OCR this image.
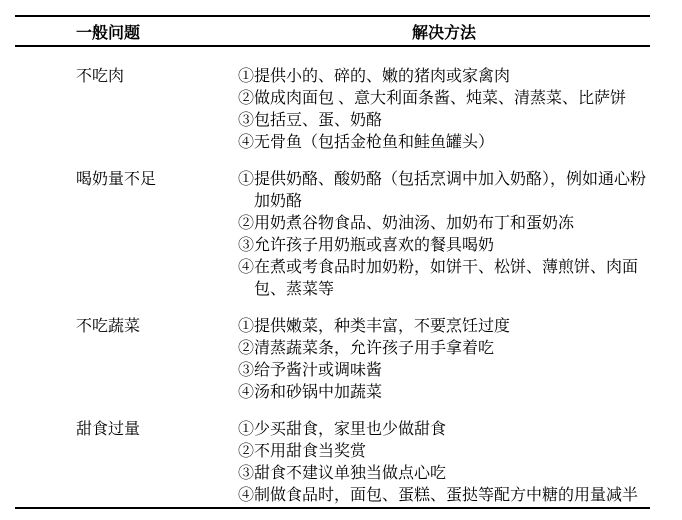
一般问题	解决方法
不吃肉	①提供小的、碎的、嫩的猪肉或家禽肉
②做成肉面包 、意大利面条酱、炖菜、清蒸菜、比萨饼
③包括豆、蛋、奶酪
④无骨鱼（包括金枪鱼和鲑鱼罐头）
喝奶量不足	①提供奶酪、酸奶酪（包括烹调中加入奶酪），例如通心粉加奶酪
②用奶煮谷物食品、奶油汤、加奶布丁和蛋奶冻
③允许孩子用奶瓶或喜欢的餐具喝奶
④在煮或考食品时加奶粉，如饼干、松饼、薄煎饼、肉面包、蒸菜等
不吃蔬菜	①提供嫩菜，种类丰富，不要烹饪过度
②清蒸蔬菜条，允许孩子用手拿着吃
③给予酱汁或调味酱
④汤和砂锅中加蔬菜
甜食过量	①少买甜食，家里也少做甜食
②不用甜食当奖赏
③甜食不建议单独当做点心吃
④制做食品时，面包、蛋糕、蛋挞等配方中糖的用量减半
